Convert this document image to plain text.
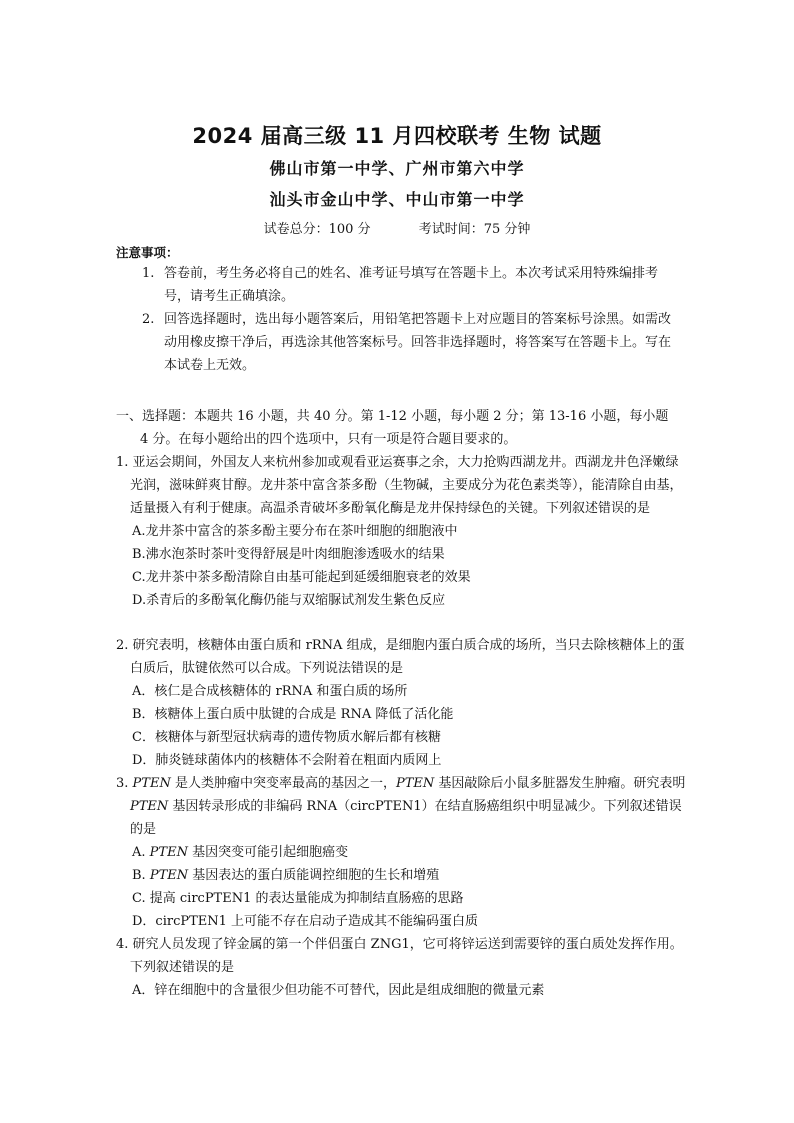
2024 届高三级 11 月四校联考 生物 试题
佛山市第一中学、广州市第六中学
汕头市金山中学、中山市第一中学
试卷总分：100 分	考试时间：75 分钟
注意事项：
1. 答卷前，考生务必将自己的姓名、准考证号填写在答题卡上。本次考试采用特殊编排考号，请考生正确填涂。
2. 回答选择题时，选出每小题答案后，用铅笔把答题卡上对应题目的答案标号涂黑。如需改动用橡皮擦干净后，再选涂其他答案标号。回答非选择题时，将答案写在答题卡上。写在本试卷上无效。
一、选择题：本题共 16 小题，共 40 分。第 1-12 小题，每小题 2 分；第 13-16 小题，每小题
4 分。在每小题给出的四个选项中，只有一项是符合题目要求的。
1. 亚运会期间，外国友人来杭州参加或观看亚运赛事之余，大力抢购西湖龙井。西湖龙井色泽嫩绿光润，滋味鲜爽甘醇。龙井茶中富含茶多酚（生物碱，主要成分为花色素类等），能清除自由基，适量摄入有利于健康。高温杀青破坏多酚氧化酶是龙井保持绿色的关键。下列叙述错误的是
A.龙井茶中富含的茶多酚主要分布在茶叶细胞的细胞液中
B.沸水泡茶时茶叶变得舒展是叶肉细胞渗透吸水的结果
C.龙井茶中茶多酚清除自由基可能起到延缓细胞衰老的效果
D.杀青后的多酚氧化酶仍能与双缩脲试剂发生紫色反应
2. 研究表明，核糖体由蛋白质和 rRNA 组成，是细胞内蛋白质合成的场所，当只去除核糖体上的蛋白质后，肽键依然可以合成。下列说法错误的是
A．核仁是合成核糖体的 rRNA 和蛋白质的场所
B．核糖体上蛋白质中肽键的合成是 RNA 降低了活化能
C．核糖体与新型冠状病毒的遗传物质水解后都有核糖
D．肺炎链球菌体内的核糖体不会附着在粗面内质网上
3. PTEN 是人类肿瘤中突变率最高的基因之一，PTEN 基因敲除后小鼠多脏器发生肿瘤。研究表明 PTEN 基因转录形成的非编码 RNA（circPTEN1）在结直肠癌组织中明显减少。下列叙述错误的是
A. PTEN 基因突变可能引起细胞癌变
B. PTEN 基因表达的蛋白质能调控细胞的生长和增殖
C. 提高 circPTEN1 的表达量能成为抑制结直肠癌的思路
D．circPTEN1 上可能不存在启动子造成其不能编码蛋白质
4. 研究人员发现了锌金属的第一个伴侣蛋白 ZNG1，它可将锌运送到需要锌的蛋白质处发挥作用。下列叙述错误的是
A．锌在细胞中的含量很少但功能不可替代，因此是组成细胞的微量元素
